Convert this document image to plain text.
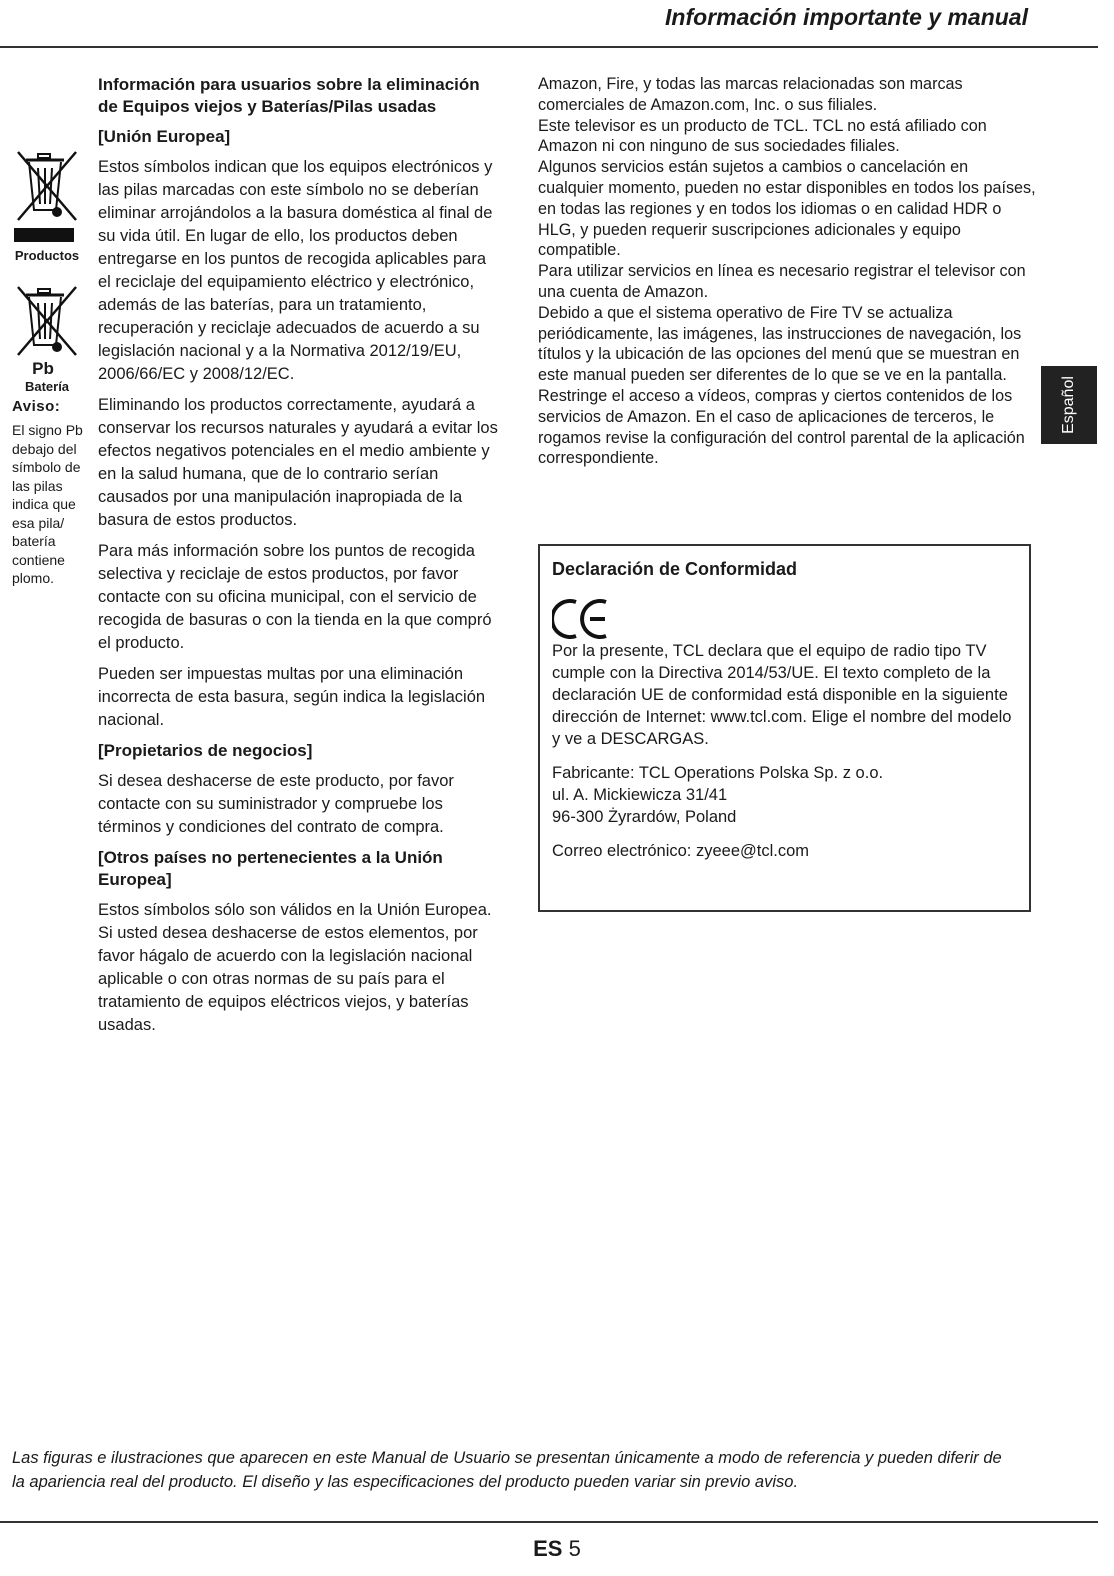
Información importante y manual
Productos
Pb
Batería
Aviso:
El signo Pb debajo del símbolo de las pilas indica que esa pila/ batería contiene plomo.
Información para usuarios sobre la eliminación de Equipos viejos y Baterías/Pilas usadas
[Unión Europea]

Estos símbolos indican que los equipos electrónicos y las pilas marcadas con este símbolo no se deberían eliminar arrojándolos a la basura doméstica al final de su vida útil. En lugar de ello, los productos deben entregarse en los puntos de recogida aplicables para el reciclaje del equipamiento eléctrico y electrónico, además de las baterías, para un tratamiento, recuperación y reciclaje adecuados de acuerdo a su legislación nacional y a la Normativa 2012/19/EU, 2006/66/EC y 2008/12/EC.

Eliminando los productos correctamente, ayudará a conservar los recursos naturales y ayudará a evitar los efectos negativos potenciales en el medio ambiente y en la salud humana, que de lo contrario serían causados por una manipulación inapropiada de la basura de estos productos.

Para más información sobre los puntos de recogida selectiva y reciclaje de estos productos, por favor contacte con su oficina municipal, con el servicio de recogida de basuras o con la tienda en la que compró el producto.

Pueden ser impuestas multas por una eliminación incorrecta de esta basura, según indica la legislación nacional.

[Propietarios de negocios]

Si desea deshacerse de este producto, por favor contacte con su suministrador y compruebe los términos y condiciones del contrato de compra.

[Otros países no pertenecientes a la Unión Europea]

Estos símbolos sólo son válidos en la Unión Europea. Si usted desea deshacerse de estos elementos, por favor hágalo de acuerdo con la legislación nacional aplicable o con otras normas de su país para el tratamiento de equipos eléctricos viejos, y baterías usadas.

Amazon, Fire, y todas las marcas relacionadas son marcas comerciales de Amazon.com, Inc. o sus filiales.

Este televisor es un producto de TCL. TCL no está afiliado con Amazon ni con ninguno de sus sociedades filiales.

Algunos servicios están sujetos a cambios o cancelación en cualquier momento, pueden no estar disponibles en todos los países, en todas las regiones y en todos los idiomas o en calidad HDR o HLG, y pueden requerir suscripciones adicionales y equipo compatible.

Para utilizar servicios en línea es necesario registrar el televisor con una cuenta de Amazon.

Debido a que el sistema operativo de Fire TV se actualiza periódicamente, las imágenes, las instrucciones de navegación, los títulos y la ubicación de las opciones del menú que se muestran en este manual pueden ser diferentes de lo que se ve en la pantalla.

Restringe el acceso a vídeos, compras y ciertos contenidos de los servicios de Amazon. En el caso de aplicaciones de terceros, le rogamos revise la configuración del control parental de la aplicación correspondiente.

Declaración de Conformidad

Por la presente, TCL declara que el equipo de radio tipo TV cumple con la Directiva 2014/53/UE. El texto completo de la declaración UE de conformidad está disponible en la siguiente dirección de Internet: www.tcl.com. Elige el nombre del modelo y ve a DESCARGAS.

Fabricante: TCL Operations Polska Sp. z o.o.
ul. A. Mickiewicza 31/41
96-300 Żyrardów, Poland

Correo electrónico: zyeee@tcl.com

Español
Las figuras e ilustraciones que aparecen en este Manual de Usuario se presentan únicamente a modo de referencia y pueden diferir de la apariencia real del producto. El diseño y las especificaciones del producto pueden variar sin previo aviso.
ES 5
